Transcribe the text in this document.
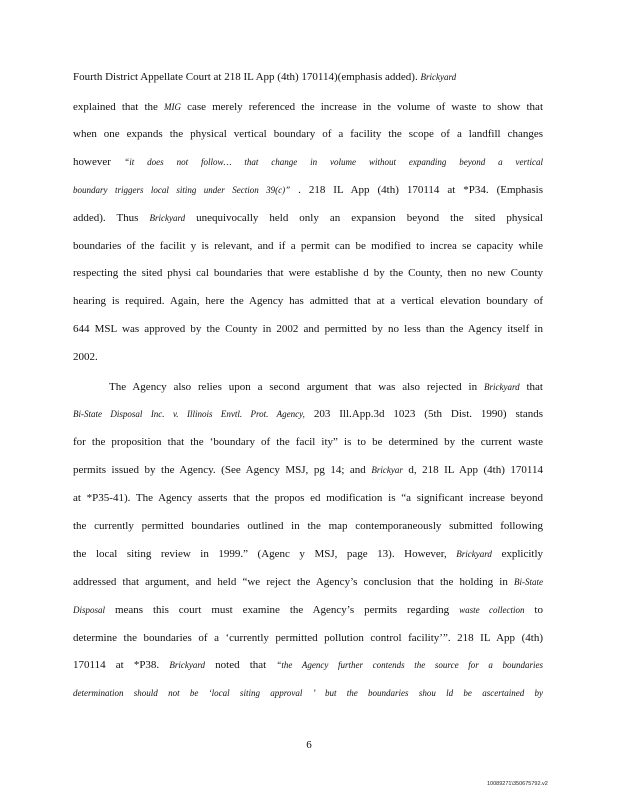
Fourth District Appellate Court at 218 IL App (4th) 170114)(emphasis added). Brickyard
explained that the MIG case merely referenced the increase in the volume of waste to show that
when one expands the physical vertical boundary of a facility the scope of a landfill changes
however “it does not follow… that change in volume without expanding beyond a vertical
boundary triggers local siting under Section 39(c)” . 218 IL App (4th) 170114 at *P34. (Emphasis
added). Thus Brickyard unequivocally held only an expansion beyond the sited physical
boundaries of the facilit y is relevant, and if a permit can be modified to increa se capacity while
respecting the sited physi cal boundaries that were establishe d by the County, then no new County
hearing is required. Again, here the Agency has admitted that at a vertical elevation boundary of
644 MSL was approved by the County in 2002 and permitted by no less than the Agency itself in
2002.
The Agency also relies upon a second argument that was also rejected in Brickyard that
Bi-State Disposal Inc. v. Illinois Envtl. Prot. Agency, 203 Ill.App.3d 1023 (5th Dist. 1990) stands
for the proposition that the ‘boundary of the facil ity” is to be determined by the current waste
permits issued by the Agency. (See Agency MSJ, pg 14; and Brickyar d, 218 IL App (4th) 170114
at *P35-41). The Agency asserts that the propos ed modification is “a significant increase beyond
the currently permitted boundaries outlined in the map contemporaneously submitted following
the local siting review in 1999.” (Agenc y MSJ, page 13). However, Brickyard explicitly
addressed that argument, and held “we reject the Agency’s conclusion that the holding in Bi-State
Disposal means this court must examine the Agency’s permits regarding waste collection to
determine the boundaries of a ‘currently permitted pollution control facility’”. 218 IL App (4th)
170114 at *P38. Brickyard noted that “the Agency further contends the source for a boundaries
determination should not be ‘local siting approval ’ but the boundaries shou ld be ascertained by
6
10089271\350675792.v2
